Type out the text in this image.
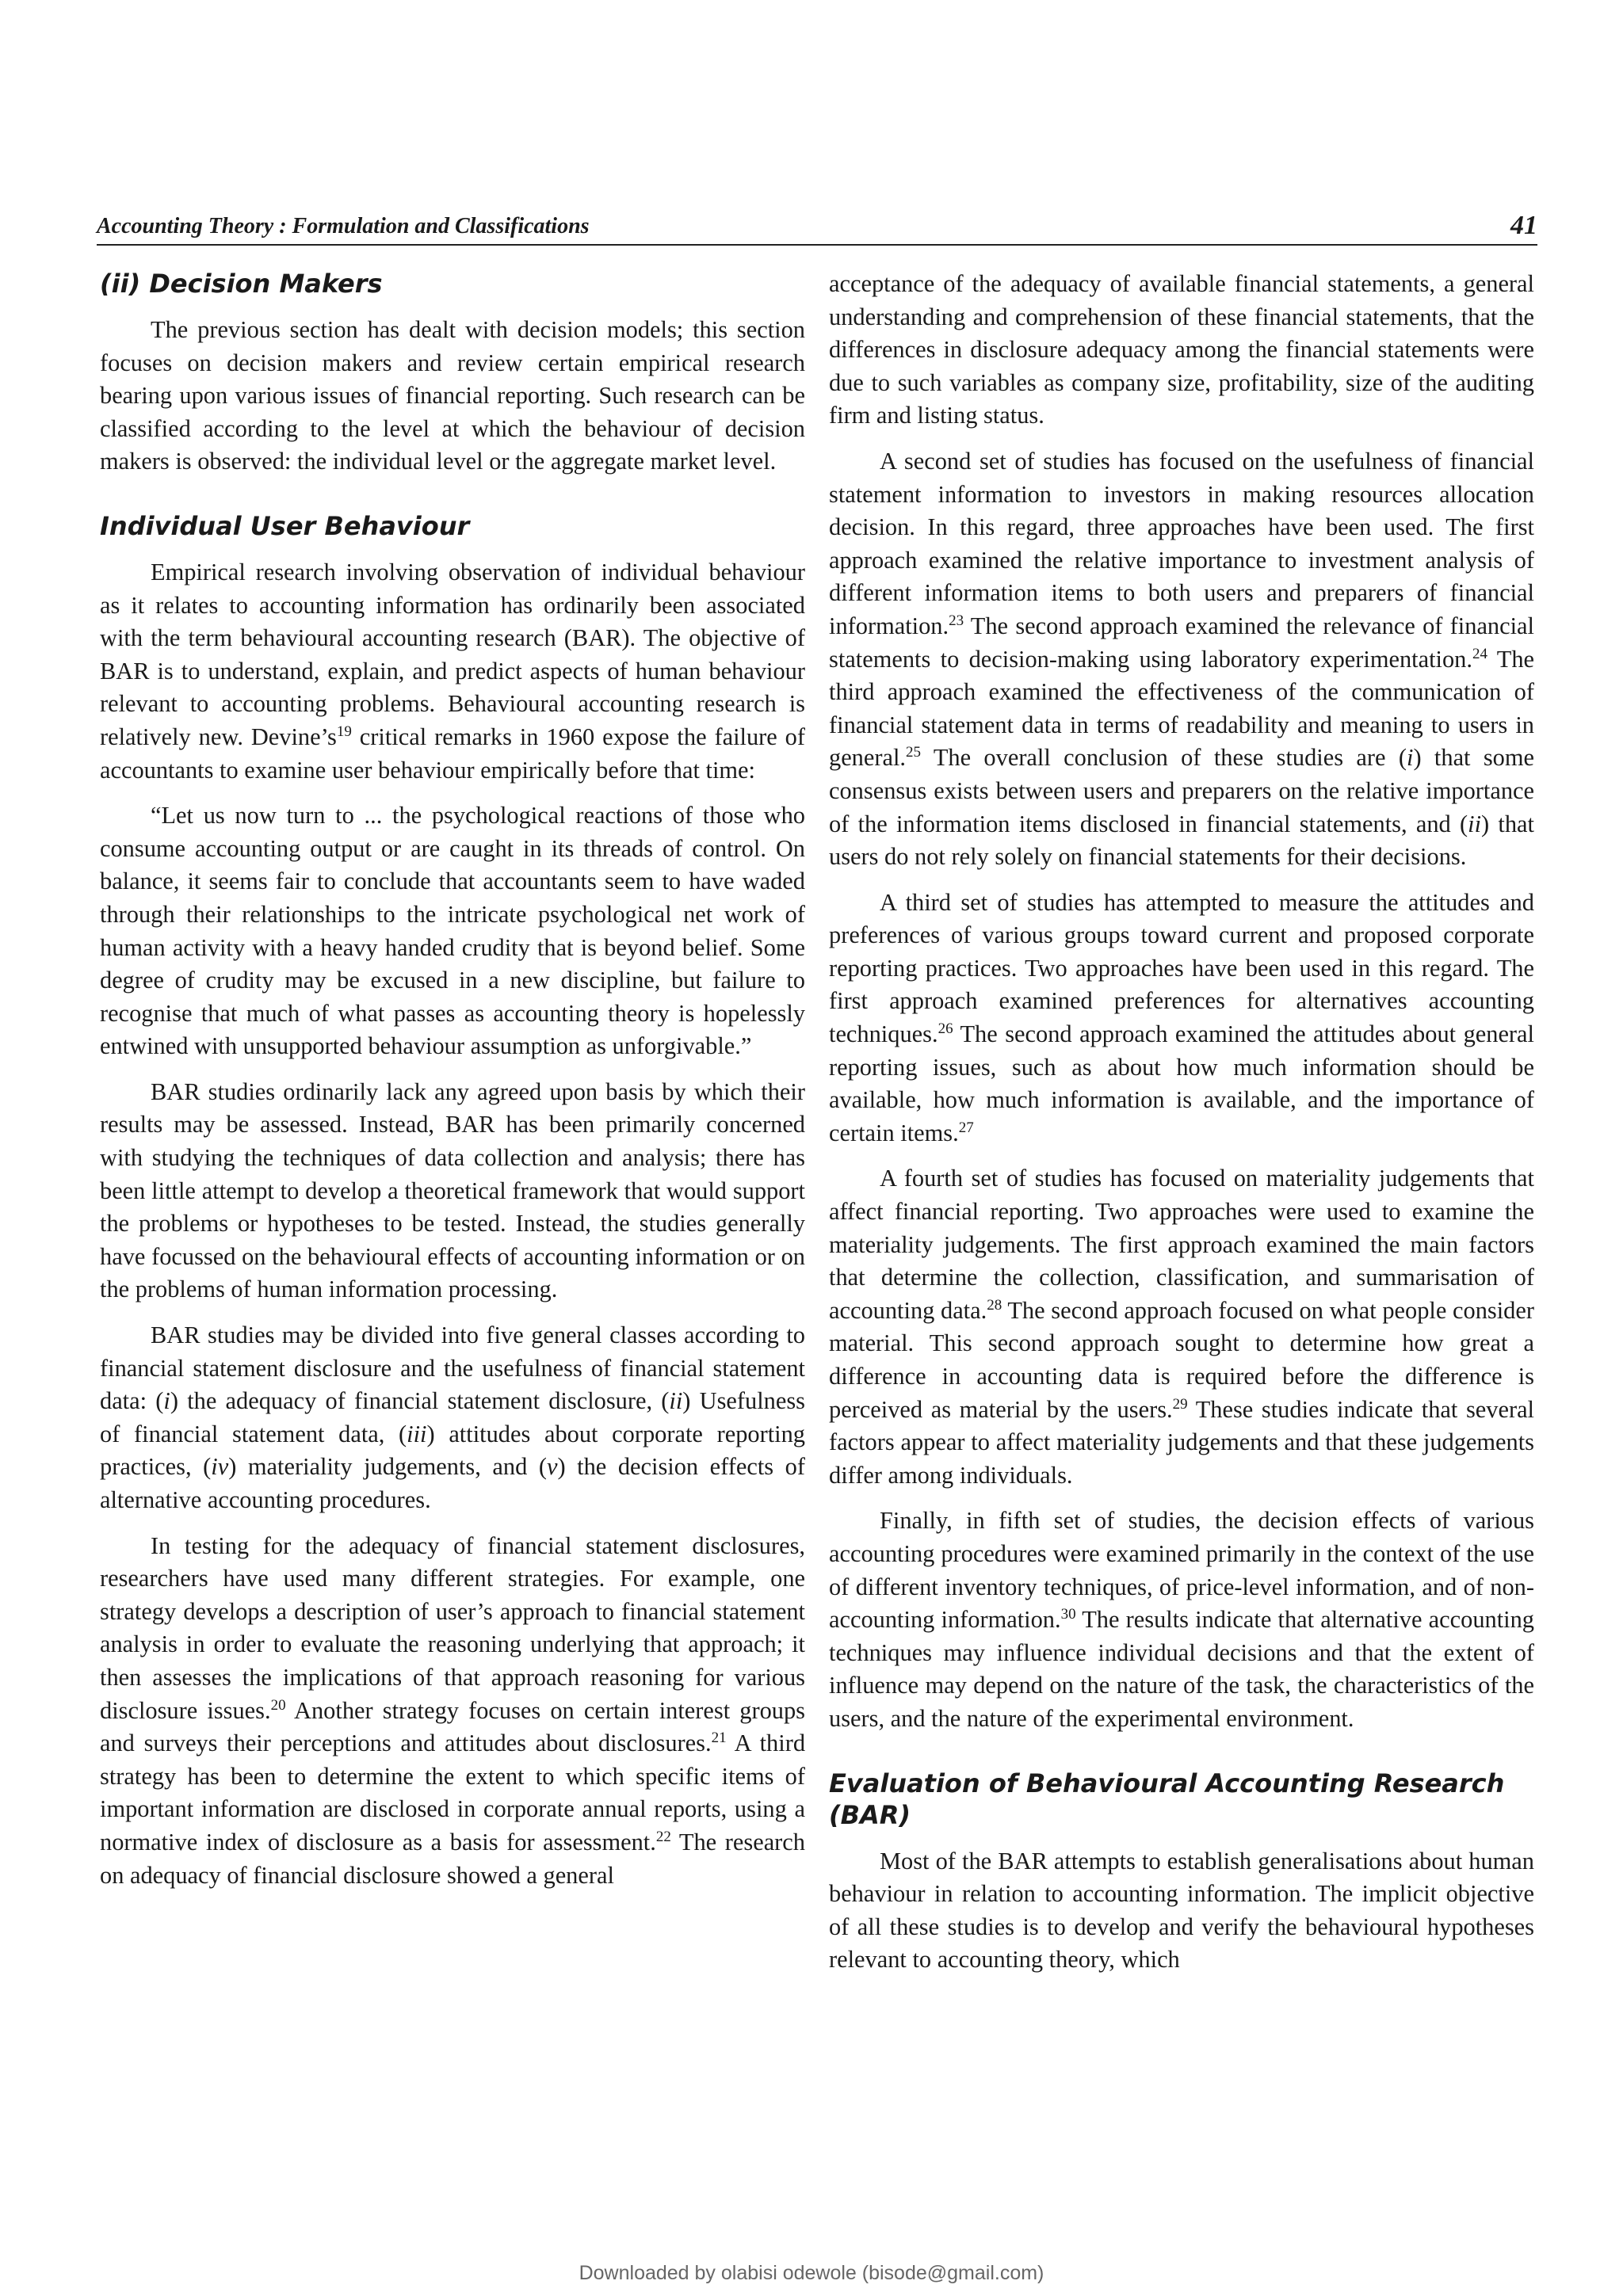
Accounting Theory : Formulation and Classifications	41
(ii) Decision Makers

The previous section has dealt with decision models; this section focuses on decision makers and review certain empirical research bearing upon various issues of financial reporting. Such research can be classified according to the level at which the behaviour of decision makers is observed: the individual level or the aggregate market level.

Individual User Behaviour

Empirical research involving observation of individual behaviour as it relates to accounting information has ordinarily been associated with the term behavioural accounting research (BAR). The objective of BAR is to understand, explain, and predict aspects of human behaviour relevant to accounting problems. Behavioural accounting research is relatively new. $Devine’s^{19}$ critical remarks in 1960 expose the failure of accountants to examine user behaviour empirically before that time:

“Let us now turn to ... the psychological reactions of those who consume accounting output or are caught in its threads of control. On balance, it seems fair to conclude that accountants seem to have waded through their relationships to the intricate psychological net work of human activity with a heavy handed crudity that is beyond belief. Some degree of crudity may be excused in a new discipline, but failure to recognise that much of what passes as accounting theory is hopelessly entwined with unsupported behaviour assumption as unforgivable.”

BAR studies ordinarily lack any agreed upon basis by which their results may be assessed. Instead, BAR has been primarily concerned with studying the techniques of data collection and analysis; there has been little attempt to develop a theoretical framework that would support the problems or hypotheses to be tested. Instead, the studies generally have focussed on the behavioural effects of accounting information or on the problems of human information processing.

BAR studies may be divided into five general classes according to financial statement disclosure and the usefulness of financial statement data: (i) the adequacy of financial statement disclosure, (ii) Usefulness of financial statement data, (iii) attitudes about corporate reporting practices, (iv) materiality judgements, and (v) the decision effects of alternative accounting procedures.

In testing for the adequacy of financial statement disclosures, researchers have used many different strategies. For example, one strategy develops a description of user’s approach to financial statement analysis in order to evaluate the reasoning underlying that approach; it then assesses the implications of that approach reasoning for various disclosure issues.$^{20}$ Another strategy focuses on certain interest groups and surveys their perceptions and attitudes about disclosures.$^{21}$ A third strategy has been to determine the extent to which specific items of important information are disclosed in corporate annual reports, using a normative index of disclosure as a basis for assessment.$^{22}$ The research on adequacy of financial disclosure showed a general

acceptance of the adequacy of available financial statements, a general understanding and comprehension of these financial statements, that the differences in disclosure adequacy among the financial statements were due to such variables as company size, profitability, size of the auditing firm and listing status.

A second set of studies has focused on the usefulness of financial statement information to investors in making resources allocation decision. In this regard, three approaches have been used. The first approach examined the relative importance to investment analysis of different information items to both users and preparers of financial information.$^{23}$ The second approach examined the relevance of financial statements to decision-making using laboratory experimentation.$^{24}$ The third approach examined the effectiveness of the communication of financial statement data in terms of readability and meaning to users in general.$^{25}$ The overall conclusion of these studies are (i) that some consensus exists between users and preparers on the relative importance of the information items disclosed in financial statements, and (ii) that users do not rely solely on financial statements for their decisions.

A third set of studies has attempted to measure the attitudes and preferences of various groups toward current and proposed corporate reporting practices. Two approaches have been used in this regard. The first approach examined preferences for alternatives accounting techniques.$^{26}$ The second approach examined the attitudes about general reporting issues, such as about how much information should be available, how much information is available, and the importance of certain items.$^{27}$

A fourth set of studies has focused on materiality judgements that affect financial reporting. Two approaches were used to examine the materiality judgements. The first approach examined the main factors that determine the collection, classification, and summarisation of accounting data.$^{28}$ The second approach focused on what people consider material. This second approach sought to determine how great a difference in accounting data is required before the difference is perceived as material by the users.$^{29}$ These studies indicate that several factors appear to affect materiality judgements and that these judgements differ among individuals.

Finally, in fifth set of studies, the decision effects of various accounting procedures were examined primarily in the context of the use of different inventory techniques, of price-level information, and of non-accounting information.$^{30}$ The results indicate that alternative accounting techniques may influence individual decisions and that the extent of influence may depend on the nature of the task, the characteristics of the users, and the nature of the experimental environment.

Evaluation of Behavioural Accounting Research (BAR)

Most of the BAR attempts to establish generalisations about human behaviour in relation to accounting information. The implicit objective of all these studies is to develop and verify the behavioural hypotheses relevant to accounting theory, which

Downloaded by olabisi odewole (bisode@gmail.com)
